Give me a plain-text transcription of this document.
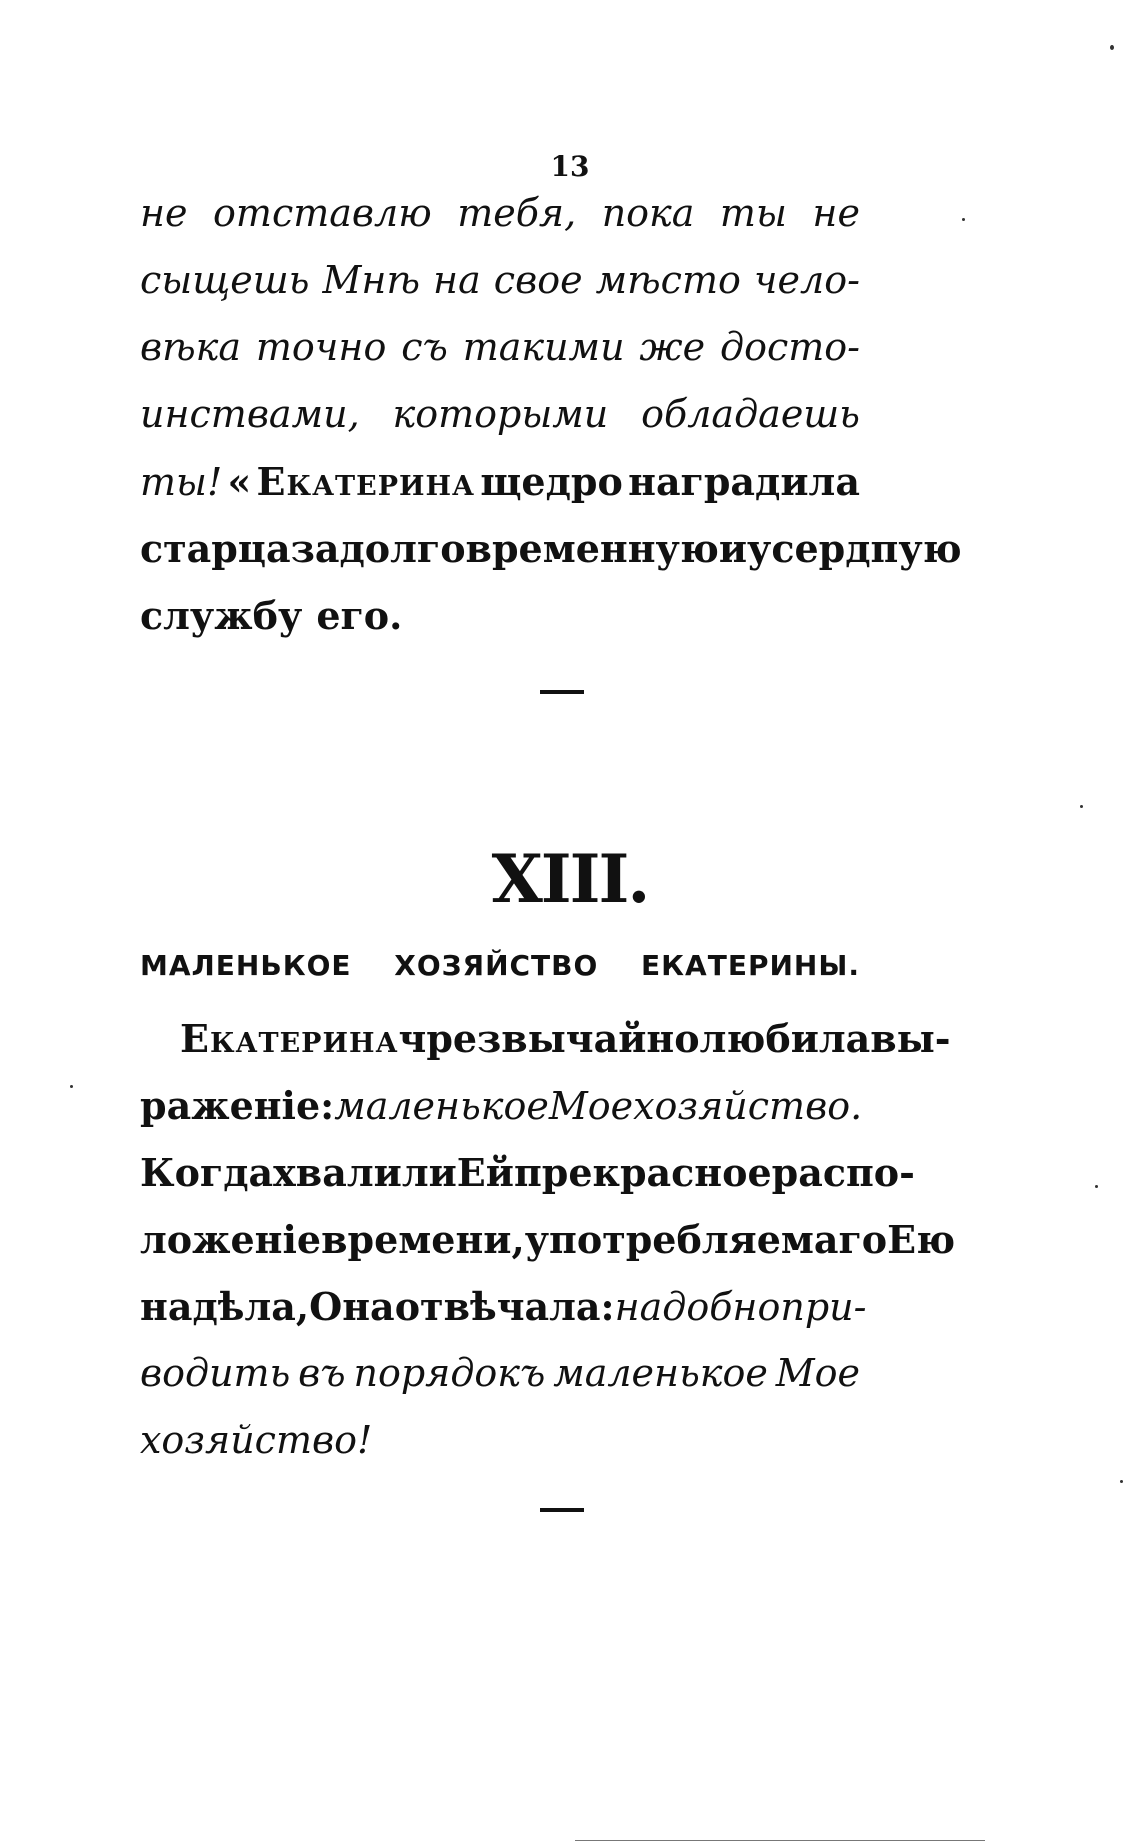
13
не отставлю тебя, пока ты не
сыщешь Мнѣ на свое мѣсто чело-
вѣка точно съ такими же досто-
инствами, которыми обладаешь
ты! « Екатерина щедро наградила
старца за долговременную и усердпую
службу его.
XIII.
МАЛЕНЬКОЕ ХОЗЯЙСТВО ЕКАТЕРИНЫ.
Екатерина чрезвычайно любила вы-
раженіе: маленькое Мое хозяйство.
Когда хвалили Ей прекрасное распо-
ложеніе времени, употребляемаго Ею
на дѣла, Она отвѣчала: надобно при-
водить въ порядокъ маленькое Мое
хозяйство!
